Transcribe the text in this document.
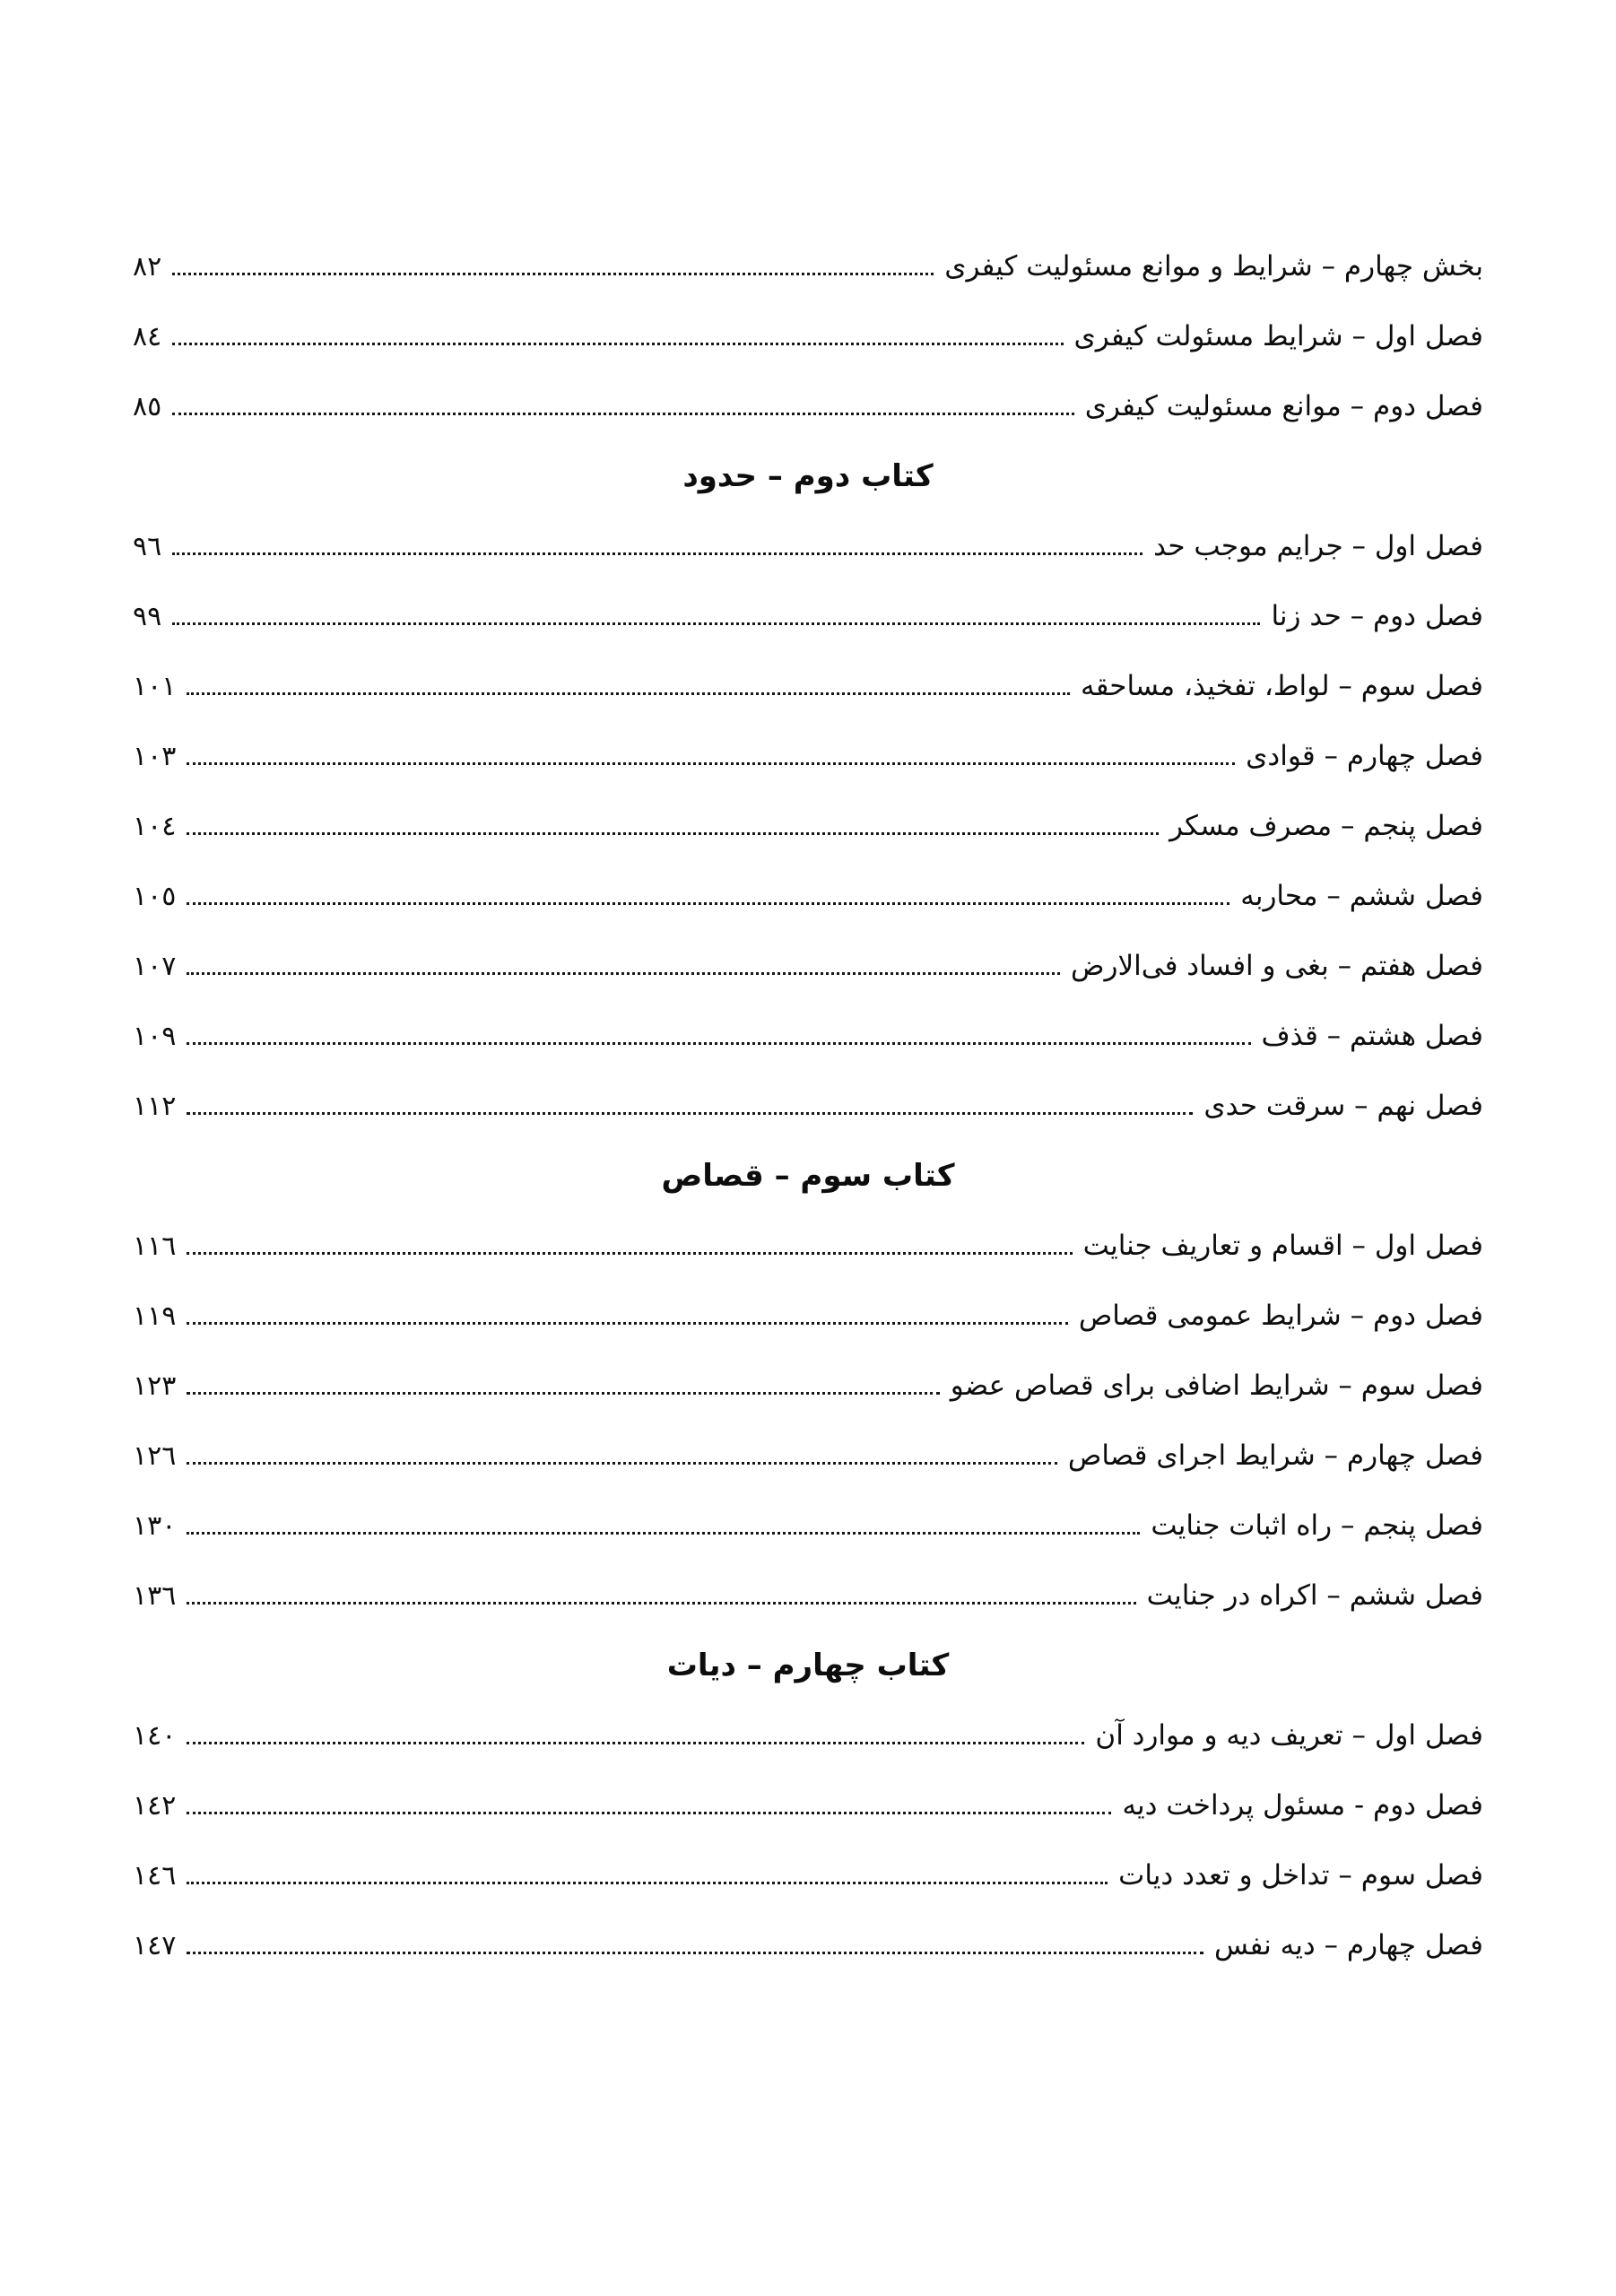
بخش چهارم – شرایط و موانع مسئولیت کیفری
٨٢
فصل اول – شرایط مسئولت کیفری
٨٤
فصل دوم – موانع مسئولیت کیفری
٨٥
کتاب دوم – حدود
فصل اول – جرایم موجب حد
٩٦
فصل دوم – حد زنا
٩٩
فصل سوم – لواط، تفخیذ، مساحقه
١٠١
فصل چهارم – قوادی
١٠٣
فصل پنجم – مصرف مسکر
١٠٤
فصل ششم – محاربه
١٠٥
فصل هفتم – بغی و افساد فی‌الارض
١٠٧
فصل هشتم – قذف
١٠٩
فصل نهم – سرقت حدی
١١٢
کتاب سوم – قصاص
فصل اول – اقسام و تعاریف جنایت
١١٦
فصل دوم – شرایط عمومی قصاص
١١٩
فصل سوم – شرایط اضافی برای قصاص عضو
١٢٣
فصل چهارم – شرایط اجرای قصاص
١٢٦
فصل پنجم – راه اثبات جنایت
١٣٠
فصل ششم – اکراه در جنایت
١٣٦
کتاب چهارم – دیات
فصل اول – تعریف دیه و موارد آن
١٤٠
فصل دوم - مسئول پرداخت دیه
١٤٢
فصل سوم – تداخل و تعدد دیات
١٤٦
فصل چهارم – دیه نفس
١٤٧
